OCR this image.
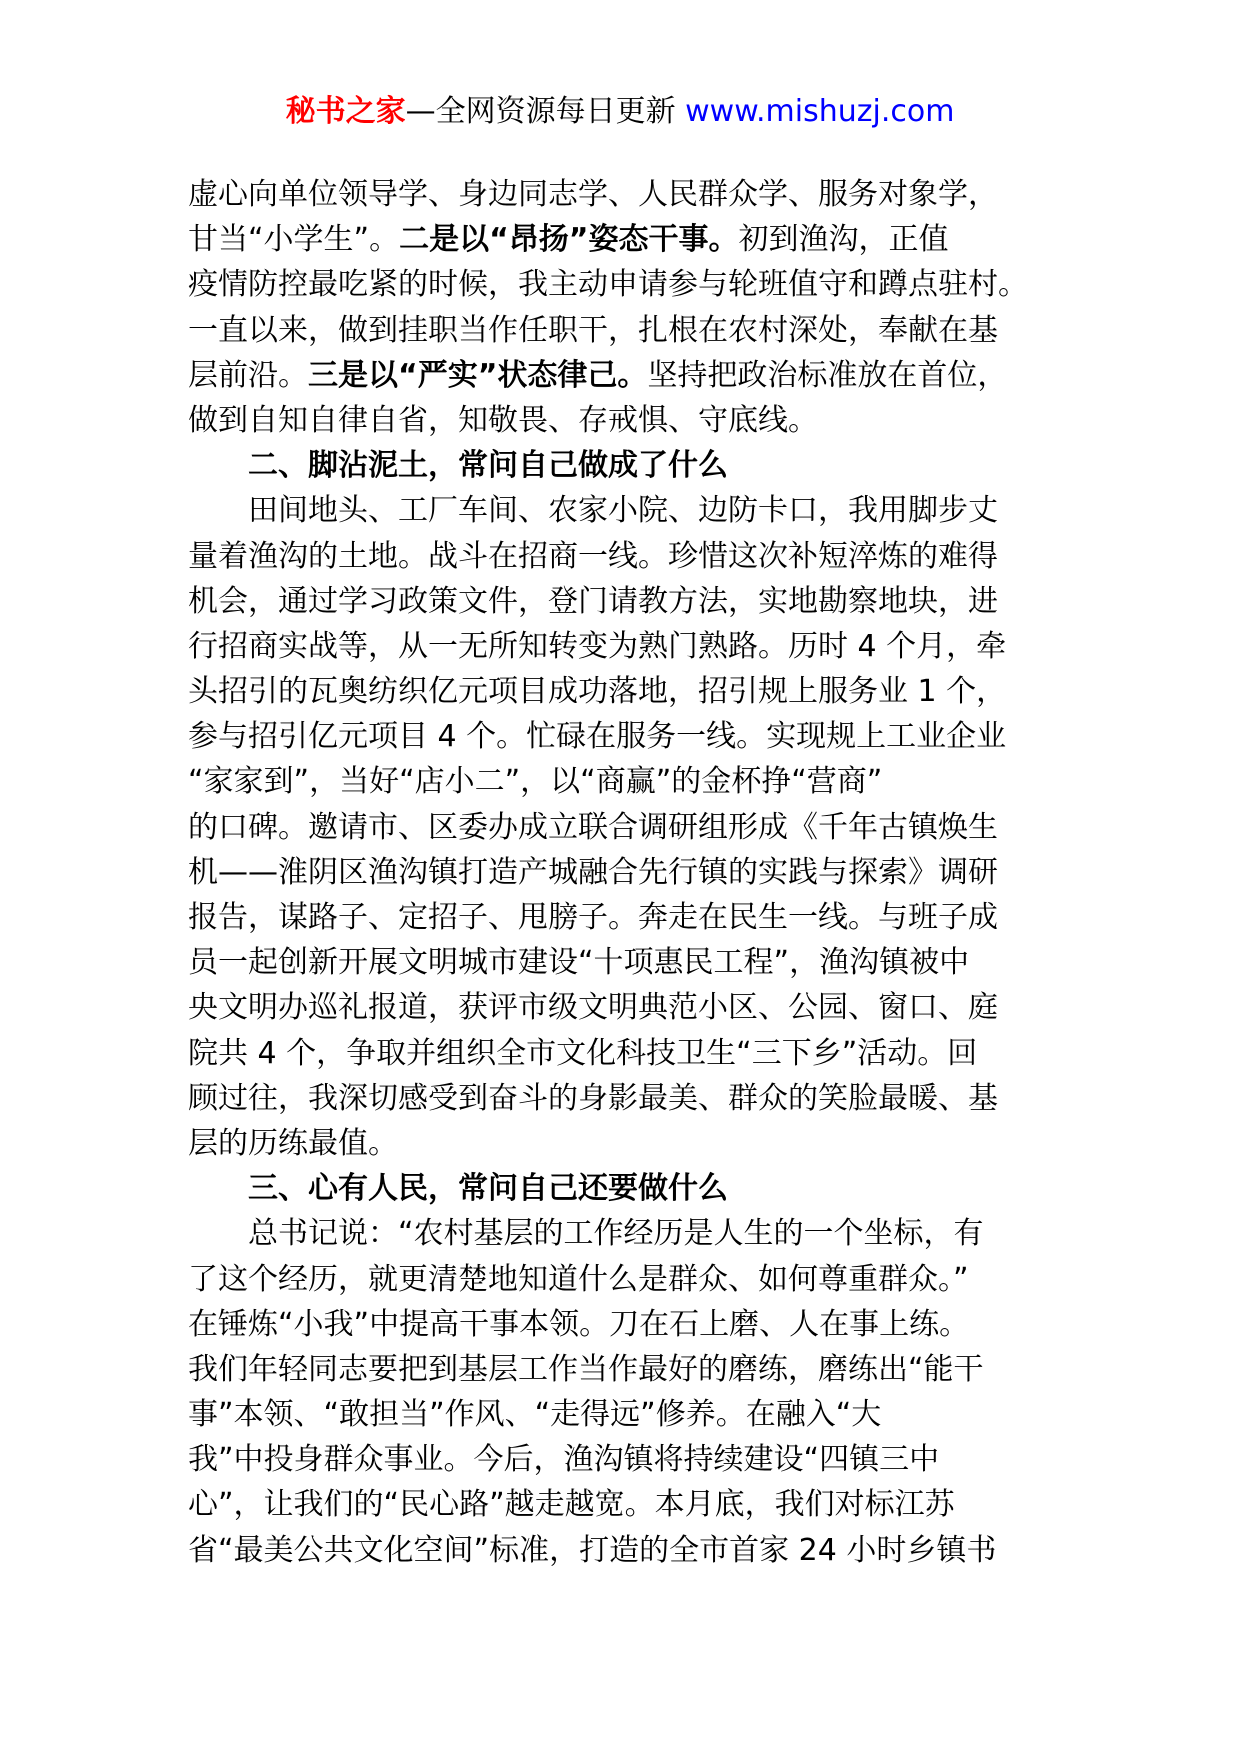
秘书之家—全网资源每日更新 www.mishuzj.com
虚心向单位领导学、身边同志学、人民群众学、服务对象学，
甘当“小学生”。二是以“昂扬”姿态干事。初到渔沟，正值
疫情防控最吃紧的时候，我主动申请参与轮班值守和蹲点驻村。
一直以来，做到挂职当作任职干，扎根在农村深处，奉献在基
层前沿。三是以“严实”状态律己。坚持把政治标准放在首位，
做到自知自律自省，知敬畏、存戒惧、守底线。
二、脚沾泥土，常问自己做成了什么
田间地头、工厂车间、农家小院、边防卡口，我用脚步丈
量着渔沟的土地。战斗在招商一线。珍惜这次补短淬炼的难得
机会，通过学习政策文件，登门请教方法，实地勘察地块，进
行招商实战等，从一无所知转变为熟门熟路。历时 4 个月，牵
头招引的瓦奥纺织亿元项目成功落地，招引规上服务业 1 个，
参与招引亿元项目 4 个。忙碌在服务一线。实现规上工业企业
“家家到”，当好“店小二”，以“商赢”的金杯挣“营商”
的口碑。邀请市、区委办成立联合调研组形成《千年古镇焕生
机——淮阴区渔沟镇打造产城融合先行镇的实践与探索》调研
报告，谋路子、定招子、甩膀子。奔走在民生一线。与班子成
员一起创新开展文明城市建设“十项惠民工程”，渔沟镇被中
央文明办巡礼报道，获评市级文明典范小区、公园、窗口、庭
院共 4 个，争取并组织全市文化科技卫生“三下乡”活动。回
顾过往，我深切感受到奋斗的身影最美、群众的笑脸最暖、基
层的历练最值。
三、心有人民，常问自己还要做什么
总书记说：“农村基层的工作经历是人生的一个坐标，有
了这个经历，就更清楚地知道什么是群众、如何尊重群众。”
在锤炼“小我”中提高干事本领。刀在石上磨、人在事上练。
我们年轻同志要把到基层工作当作最好的磨练，磨练出“能干
事”本领、“敢担当”作风、“走得远”修养。在融入“大
我”中投身群众事业。今后，渔沟镇将持续建设“四镇三中
心”，让我们的“民心路”越走越宽。本月底，我们对标江苏
省“最美公共文化空间”标准，打造的全市首家 24 小时乡镇书
